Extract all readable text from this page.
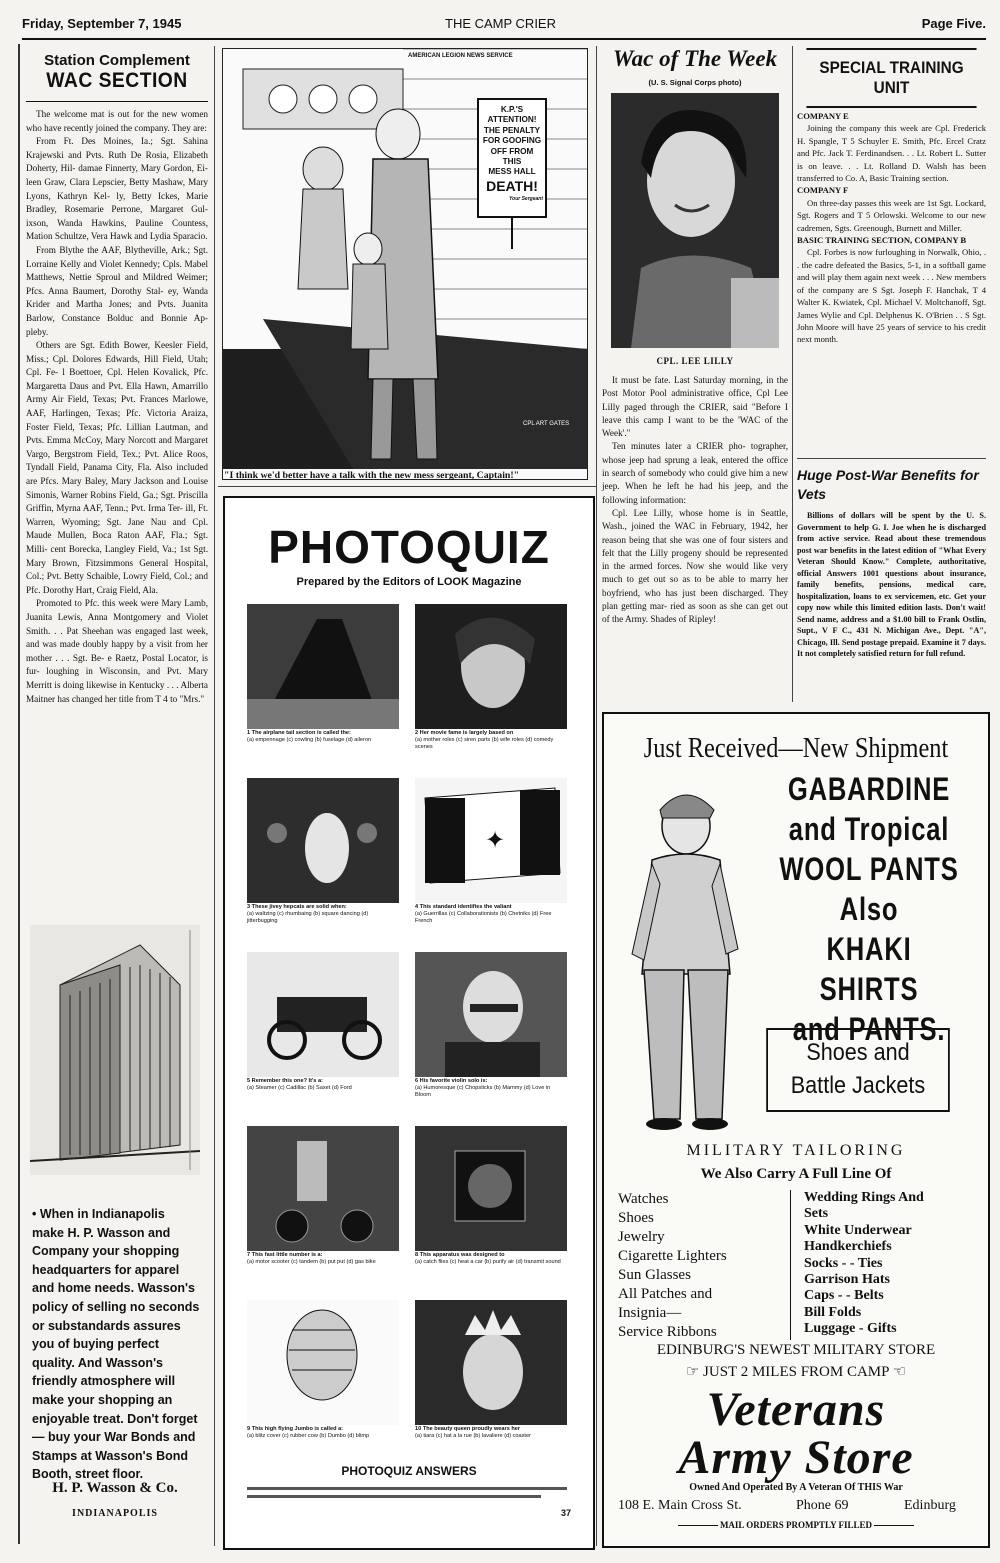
Friday, September 7, 1945	THE CAMP CRIER	Page Five.
Station Complement
WAC SECTION

The welcome mat is out for the new women who have recently joined the company. They are:

From Ft. Des Moines, Ia.; Sgt. Sahina Krajewski and Pvts. Ruth De Rosia, Elizabeth Doherty, Hil- damae Finnerty, Mary Gordon, Ei- leen Graw, Clara Lepscier, Betty Mashaw, Mary Lyons, Kathryn Kel- ly, Betty Ickes, Marie Bradley, Rosemarie Perrone, Margaret Gul- ixson, Wanda Hawkins, Pauline Countess, Mation Schultze, Vera Hawk and Lydia Sparacio.

From Blythe the AAF, Blytheville, Ark.; Sgt. Lorraine Kelly and Violet Kennedy; Cpls. Mabel Matthews, Nettie Sproul and Mildred Weimer; Pfcs. Anna Baumert, Dorothy Stal- ey, Wanda Krider and Martha Jones; and Pvts. Juanita Barlow, Constance Bolduc and Bonnie Ap- pleby.

Others are Sgt. Edith Bower, Keesler Field, Miss.; Cpl. Dolores Edwards, Hill Field, Utah; Cpl. Fe- l Boettoer, Cpl. Helen Kovalick, Pfc. Margaretta Daus and Pvt. Ella Hawn, Amarrillo Army Air Field, Texas; Pvt. Frances Marlowe, AAF, Harlingen, Texas; Pfc. Victoria Araiza, Foster Field, Texas; Pfc. Lillian Lautman, and Pvts. Emma McCoy, Mary Norcott and Margaret Vargo, Bergstrom Field, Tex.; Pvt. Alice Roos, Tyndall Field, Panama City, Fla. Also included are Pfcs. Mary Baley, Mary Jackson and Louise Simonis, Warner Robins Field, Ga.; Sgt. Priscilla Griffin, Myrna AAF, Tenn.; Pvt. Irma Ter- ill, Ft. Warren, Wyoming; Sgt. Jane Nau and Cpl. Maude Mullen, Boca Raton AAF, Fla.; Sgt. Milli- cent Borecka, Langley Field, Va.; 1st Sgt. Mary Brown, Fitzsimmons General Hospital, Col.; Pvt. Betty Schaible, Lowry Field, Col.; and Pfc. Dorothy Hart, Craig Field, Ala.

Promoted to Pfc. this week were Mary Lamb, Juanita Lewis, Anna Montgomery and Violet Smith. . . Pat Sheehan was engaged last week, and was made doubly happy by a visit from her mother . . . Sgt. Be- e Raetz, Postal Locator, is fur- loughing in Wisconsin, and Pvt. Mary Merritt is doing likewise in Kentucky . . . Alberta Maitner has changed her title from T 4 to "Mrs."

• When in Indianapolis make H. P. Wasson and Company your shopping headquarters for apparel and home needs. Wasson's policy of selling no seconds or substandards assures you of buying perfect quality. And Wasson's friendly atmosphere will make your shopping an enjoyable treat. Don't forget — buy your War Bonds and Stamps at Wasson's Bond Booth, street floor.
H. P. Wasson & Co.
INDIANAPOLIS
AMERICAN LEGION NEWS SERVICE
K.P.'S
ATTENTION!
THE PENALTY
FOR GOOFING
OFF FROM THIS
MESS HALL
DEATH!
Your Sergeant
CPL ART GATES
"I think we'd better have a talk with the new mess sergeant, Captain!"
PHOTOQUIZ
Prepared by the Editors of LOOK Magazine
1 The airplane tail section is called the:
(a) empennage (c) cowling (b) fuselage (d) aileron
2 Her movie fame is largely based on
(a) mother roles (c) siren parts (b) wife roles (d) comedy scenes
3 These jivey hepcats are solid when:
(a) waltzing (c) rhumbaing (b) square dancing (d) jitterbugging
✦
4 This standard identifies the valiant
(a) Guerrillas (c) Collaborationists (b) Chetniks (d) Free French
5 Remember this one? It's a:
(a) Steamer (c) Cadillac (b) Saxet (d) Ford
6 His favorite violin solo is:
(a) Humoresque (c) Chopsticks (b) Mammy (d) Love in Bloom
7 This fast little number is a:
(a) motor scooter (c) tandem (b) put put (d) gas bike
8 This apparatus was designed to
(a) catch flies (c) heat a car (b) purify air (d) transmit sound
9 This high flying Jumbo is called a:
(a) blitz cover (c) rubber cow (b) Dumbo (d) blimp
10 The beauty queen proudly wears her
(a) tiara (c) hat a la rue (b) lavaliere (d) coaster
PHOTOQUIZ ANSWERS
37
Wac of The Week
(U. S. Signal Corps photo)
CPL. LEE LILLY

It must be fate. Last Saturday morning, in the Post Motor Pool administrative office, Cpl Lee Lilly paged through the CRIER, said "Before I leave this camp I want to be the 'WAC of the Week'."

Ten minutes later a CRIER pho- tographer, whose jeep had sprung a leak, entered the office in search of somebody who could give him a new jeep. When he left he had his jeep, and the following information:

Cpl. Lee Lilly, whose home is in Seattle, Wash., joined the WAC in February, 1942, her reason being that she was one of four sisters and felt that the Lilly progeny should be represented in the armed forces. Now she would like very much to get out so as to be able to marry her boyfriend, who has just been discharged. They plan getting mar- ried as soon as she can get out of the Army. Shades of Ripley!

SPECIAL TRAINING UNIT
COMPANY E
Joining the company this week are Cpl. Frederick H. Spangle, T 5 Schuyler E. Smith, Pfc. Ercel Cratz and Pfc. Jack T. Ferdinandsen. . . Lt. Robert L. Sutter is on leave. . . Lt. Rolland D. Walsh has been transferred to Co. A, Basic Training section.
COMPANY F
On three-day passes this week are 1st Sgt. Lockard, Sgt. Rogers and T 5 Orlowski. Welcome to our new cadremen, Sgts. Greenough, Burnett and Miller.
BASIC TRAINING SECTION, COMPANY B
Cpl. Forbes is now furloughing in Norwalk, Ohio, . . the cadre defeated the Basics, 5-1, in a softball game and will play them again next week . . . New members of the company are S Sgt. Joseph F. Hanchak, T 4 Walter K. Kwiatek, Cpl. Michael V. Moltchanoff, Sgt. James Wylie and Cpl. Delphenus K. O'Brien . . S Sgt. John Moore will have 25 years of service to his credit next month.
Huge Post-War Benefits for Vets
Billions of dollars will be spent by the U. S. Government to help G. I. Joe when he is discharged from active service. Read about these tremendous post war benefits in the latest edition of "What Every Veteran Should Know." Complete, authoritative, official Answers 1001 questions about insurance, family benefits, pensions, medical care, hospitalization, loans to ex servicemen, etc. Get your copy now while this limited edition lasts. Don't wait! Send name, address and a $1.00 bill to Frank Ostlin, Supt., V F C., 431 N. Michigan Ave., Dept. "A", Chicago, Ill. Send postage prepaid. Examine it 7 days. It not completely satisfied return for full refund.
Just Received—New Shipment
GABARDINE
and Tropical
WOOL PANTS
Also
KHAKI SHIRTS
and PANTS.
Shoes and
Battle Jackets
MILITARY TAILORING
We Also Carry A Full Line Of
Watches
Shoes
Jewelry
Cigarette Lighters
Sun Glasses
All Patches and
Insignia—
Service Ribbons
Wedding Rings And
Sets
White Underwear
Handkerchiefs
Socks - - Ties
Garrison Hats
Caps - - Belts
Bill Folds
Luggage - Gifts
EDINBURG'S NEWEST MILITARY STORE
☞ JUST 2 MILES FROM CAMP ☜
Veterans
Army Store
Owned And Operated By A Veteran Of THIS War
108 E. Main Cross St.	Phone 69	Edinburg
MAIL ORDERS PROMPTLY FILLED
